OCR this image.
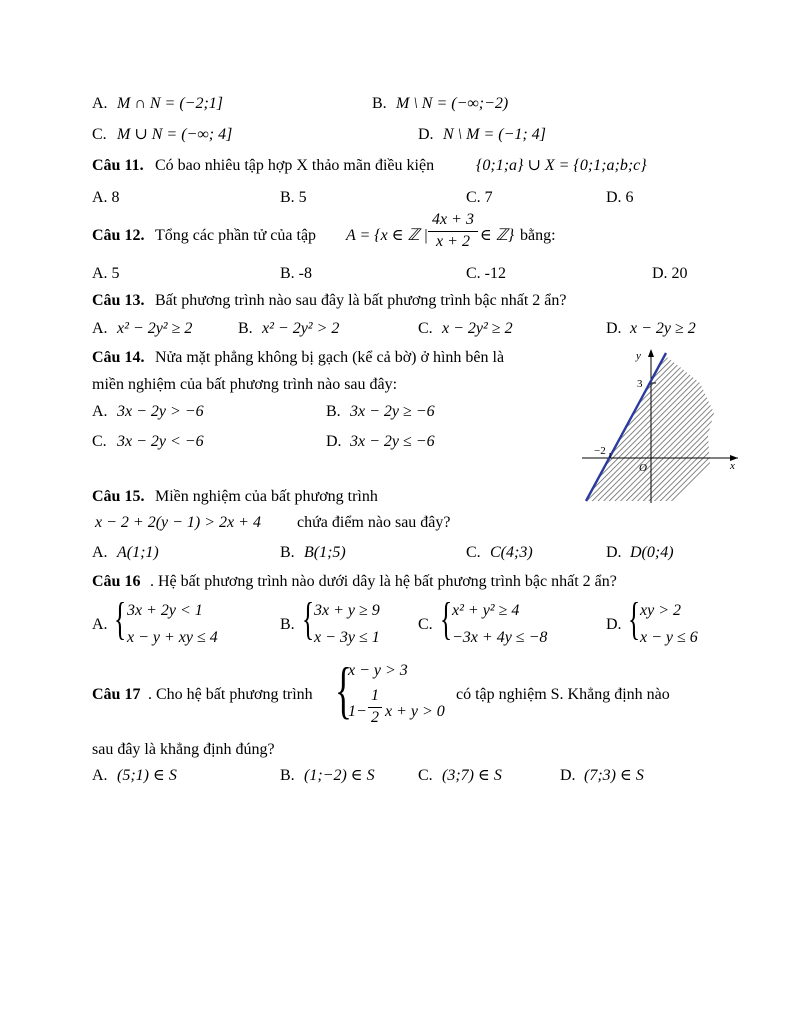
A. M ∩ N = (−2;1]	B. M \ N = (−∞;−2)
C. M ∪ N = (−∞; 4]	D. N \ M = (−1; 4]
Câu 11. Có bao nhiêu tập hợp X thảo mãn điều kiện	{0;1;a} ∪ X = {0;1;a;b;c}
A. 8	B. 5	C. 7	D. 6
Câu 12. Tổng các phần tử của tập A = {x ∈ ℤ |
4x + 3
x + 2 ∈ ℤ} bằng:
A. 5	B. -8	C. -12	D. 20
Câu 13. Bất phương trình nào sau đây là bất phương trình bậc nhất 2 ẩn?
A. x² − 2y² ≥ 2	B. x² − 2y² > 2	C. x − 2y² ≥ 2	D. x − 2y ≥ 2
Câu 14. Nửa mặt phẳng không bị gạch (kể cả bờ) ở hình bên là
miền nghiệm của bất phương trình nào sau đây:
A. 3x − 2y > −6	B. 3x − 2y ≥ −6
C. 3x − 2y < −6	D. 3x − 2y ≤ −6
y
x
3
−2
O
Câu 15. Miền nghiệm của bất phương trình
x − 2 + 2(y − 1) > 2x + 4 chứa điểm nào sau đây?
A. A(1;1)	B. B(1;5)	C. C(4;3)	D. D(0;4)
Câu 16 . Hệ bất phương trình nào dưới dây là hệ bất phương trình bậc nhất 2 ẩn?
A. { 3x + 2y < 1
x − y + xy ≤ 4
B. { 3x + y ≥ 9
x − 3y ≤ 1
C. { x² + y² ≥ 4
−3x + 4y ≤ −8
D. { xy > 2
x − y ≤ 6
Câu 17 . Cho hệ bất phương trình {
x − y > 3
1−
1
2 x + y > 0
có tập nghiệm S. Khẳng định nào
sau đây là khẳng định đúng?
A. (5;1) ∈ S	B. (1;−2) ∈ S	C. (3;7) ∈ S	D. (7;3) ∈ S
